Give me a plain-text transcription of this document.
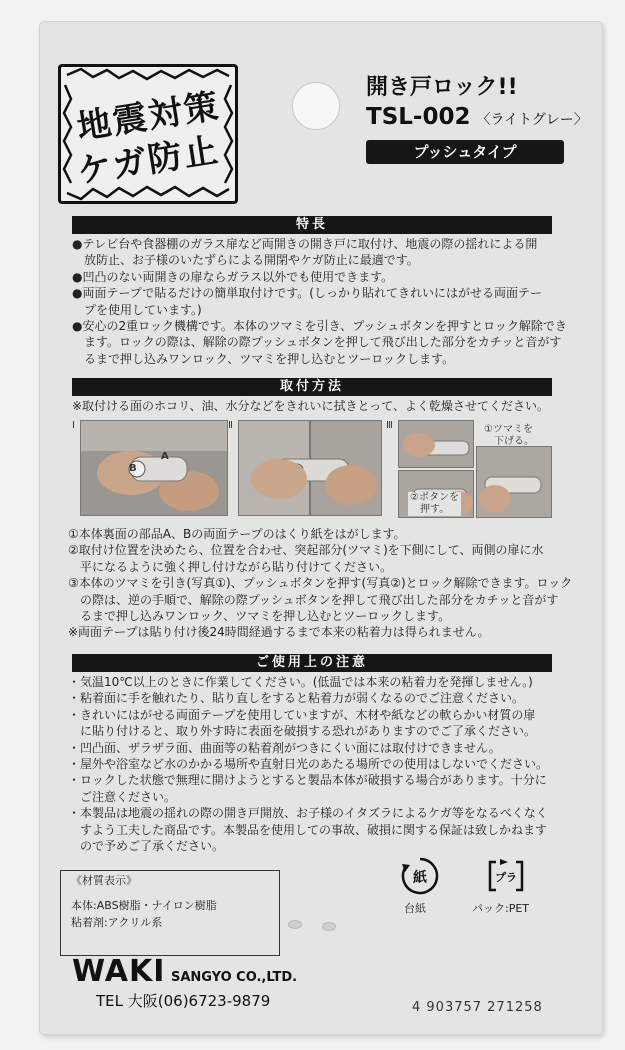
地震対策
ケガ防止
開き戸ロック!!
TSL-002 〈ライトグレー〉
プッシュタイプ
特長
●テレビ台や食器棚のガラス扉など両開きの開き戸に取付け、地震の際の揺れによる開
　放防止、お子様のいたずらによる開閉やケガ防止に最適です。
●凹凸のない両開きの扉ならガラス以外でも使用できます。
●両面テープで貼るだけの簡単取付けです。(しっかり貼れてきれいにはがせる両面テー
　プを使用しています。)
●安心の2重ロック機構です。本体のツマミを引き、プッシュボタンを押すとロック解除でき
　ます。ロックの際は、解除の際プッシュボタンを押して飛び出した部分をカチッと音がす
　るまで押し込みワンロック、ツマミを押し込むとツーロックします。
取付方法
※取付ける面のホコリ、油、水分などをきれいに拭きとって、よく乾燥させてください。
Ⅰ
B
A
Ⅱ	Ⅲ	①ツマミを
　下げる。
②ボタンを
　押す。
①本体裏面の部品A、Bの両面テープのはくり紙をはがします。
②取付け位置を決めたら、位置を合わせ、突起部分(ツマミ)を下側にして、両側の扉に水
　平になるように強く押し付けながら貼り付けてください。
③本体のツマミを引き(写真①)、プッシュボタンを押す(写真②)とロック解除できます。ロック
　の際は、逆の手順で、解除の際プッシュボタンを押して飛び出した部分をカチッと音がす
　るまで押し込みワンロック、ツマミを押し込むとツーロックします。
※両面テープは貼り付け後24時間経過するまで本来の粘着力は得られません。
ご使用上の注意
・気温10℃以上のときに作業してください。(低温では本来の粘着力を発揮しません。)
・粘着面に手を触れたり、貼り直しをすると粘着力が弱くなるのでご注意ください。
・きれいにはがせる両面テープを使用していますが、木材や紙などの軟らかい材質の扉
　に貼り付けると、取り外す時に表面を破損する恐れがありますのでご了承ください。
・凹凸面、ザラザラ面、曲面等の粘着剤がつきにくい面には取付けできません。
・屋外や浴室など水のかかる場所や直射日光のあたる場所での使用はしないでください。
・ロックした状態で無理に開けようとすると製品本体が破損する場合があります。十分に
　ご注意ください。
・本製品は地震の揺れの際の開き戸開放、お子様のイタズラによるケガ等をなるべくなく
　すよう工夫した商品です。本製品を使用しての事故、破損に関する保証は致しかねます
　ので予めご了承ください。
《材質表示》
本体:ABS樹脂・ナイロン樹脂
粘着剤:アクリル系
紙
台紙
プラ
パック:PET
WAKI SANGYO CO.,LTD.
TEL 大阪(06)6723-9879	4 903757 271258
